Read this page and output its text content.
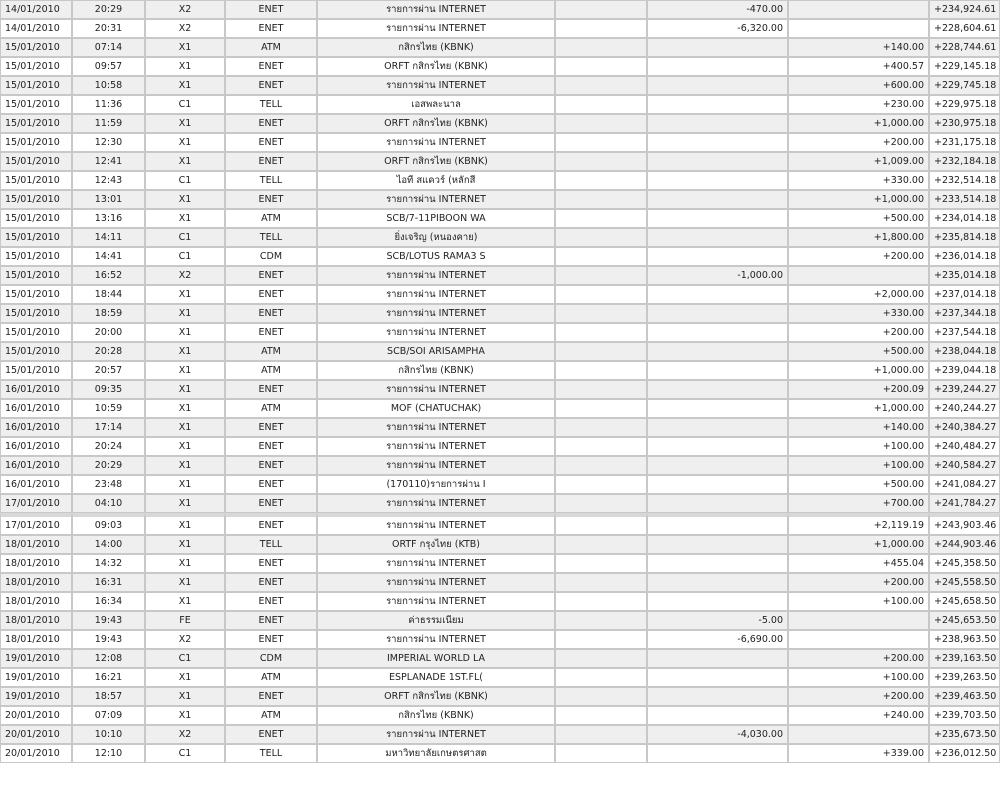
14/01/2010	20:29	X2	ENET	รายการผ่าน INTERNET		-470.00		+234,924.61
14/01/2010	20:31	X2	ENET	รายการผ่าน INTERNET		-6,320.00		+228,604.61
15/01/2010	07:14	X1	ATM	กสิกรไทย (KBNK)			+140.00	+228,744.61
15/01/2010	09:57	X1	ENET	ORFT กสิกรไทย (KBNK)			+400.57	+229,145.18
15/01/2010	10:58	X1	ENET	รายการผ่าน INTERNET			+600.00	+229,745.18
15/01/2010	11:36	C1	TELL	เอสพละนาล			+230.00	+229,975.18
15/01/2010	11:59	X1	ENET	ORFT กสิกรไทย (KBNK)			+1,000.00	+230,975.18
15/01/2010	12:30	X1	ENET	รายการผ่าน INTERNET			+200.00	+231,175.18
15/01/2010	12:41	X1	ENET	ORFT กสิกรไทย (KBNK)			+1,009.00	+232,184.18
15/01/2010	12:43	C1	TELL	ไอที สแควร์ (หลักสี			+330.00	+232,514.18
15/01/2010	13:01	X1	ENET	รายการผ่าน INTERNET			+1,000.00	+233,514.18
15/01/2010	13:16	X1	ATM	SCB/7-11PIBOON WA			+500.00	+234,014.18
15/01/2010	14:11	C1	TELL	ยิ่งเจริญ (หนองคาย)			+1,800.00	+235,814.18
15/01/2010	14:41	C1	CDM	SCB/LOTUS RAMA3 S			+200.00	+236,014.18
15/01/2010	16:52	X2	ENET	รายการผ่าน INTERNET		-1,000.00		+235,014.18
15/01/2010	18:44	X1	ENET	รายการผ่าน INTERNET			+2,000.00	+237,014.18
15/01/2010	18:59	X1	ENET	รายการผ่าน INTERNET			+330.00	+237,344.18
15/01/2010	20:00	X1	ENET	รายการผ่าน INTERNET			+200.00	+237,544.18
15/01/2010	20:28	X1	ATM	SCB/SOI ARISAMPHA			+500.00	+238,044.18
15/01/2010	20:57	X1	ATM	กสิกรไทย (KBNK)			+1,000.00	+239,044.18
16/01/2010	09:35	X1	ENET	รายการผ่าน INTERNET			+200.09	+239,244.27
16/01/2010	10:59	X1	ATM	MOF (CHATUCHAK)			+1,000.00	+240,244.27
16/01/2010	17:14	X1	ENET	รายการผ่าน INTERNET			+140.00	+240,384.27
16/01/2010	20:24	X1	ENET	รายการผ่าน INTERNET			+100.00	+240,484.27
16/01/2010	20:29	X1	ENET	รายการผ่าน INTERNET			+100.00	+240,584.27
16/01/2010	23:48	X1	ENET	(170110)รายการผ่าน I			+500.00	+241,084.27
17/01/2010	04:10	X1	ENET	รายการผ่าน INTERNET			+700.00	+241,784.27
17/01/2010	09:03	X1	ENET	รายการผ่าน INTERNET			+2,119.19	+243,903.46
18/01/2010	14:00	X1	TELL	ORTF กรุงไทย (KTB)			+1,000.00	+244,903.46
18/01/2010	14:32	X1	ENET	รายการผ่าน INTERNET			+455.04	+245,358.50
18/01/2010	16:31	X1	ENET	รายการผ่าน INTERNET			+200.00	+245,558.50
18/01/2010	16:34	X1	ENET	รายการผ่าน INTERNET			+100.00	+245,658.50
18/01/2010	19:43	FE	ENET	ค่าธรรมเนียม		-5.00		+245,653.50
18/01/2010	19:43	X2	ENET	รายการผ่าน INTERNET		-6,690.00		+238,963.50
19/01/2010	12:08	C1	CDM	IMPERIAL WORLD LA			+200.00	+239,163.50
19/01/2010	16:21	X1	ATM	ESPLANADE 1ST.FL(			+100.00	+239,263.50
19/01/2010	18:57	X1	ENET	ORFT กสิกรไทย (KBNK)			+200.00	+239,463.50
20/01/2010	07:09	X1	ATM	กสิกรไทย (KBNK)			+240.00	+239,703.50
20/01/2010	10:10	X2	ENET	รายการผ่าน INTERNET		-4,030.00		+235,673.50
20/01/2010	12:10	C1	TELL	มหาวิทยาลัยเกษตรศาสต			+339.00	+236,012.50
